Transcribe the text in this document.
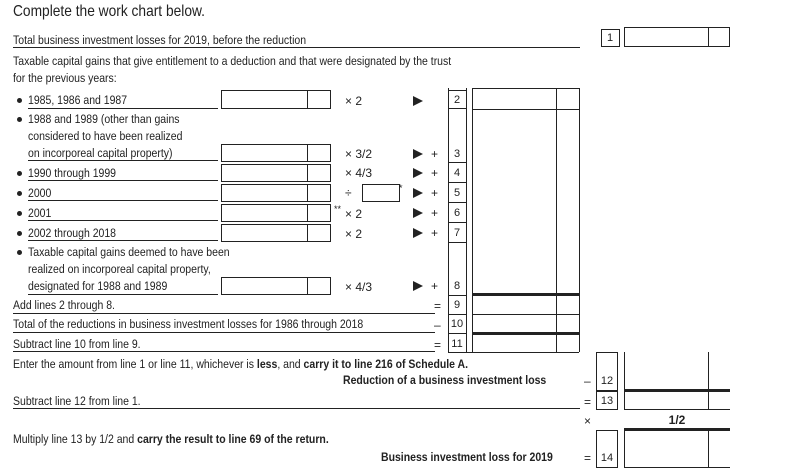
Complete the work chart below.
Total business investment losses for 2019, before the reduction	1
Taxable capital gains that give entitlement to a deduction and that were designated by the trust
for the previous years:
1985, 1986 and 1987	× 2	2
1988 and 1989 (other than gains
considered to have been realized
on incorporeal capital property)	× 3/2	+	3
1990 through 1999	× 4/3	+	4
2000	÷	* +	5
2001	** × 2	+	6
2002 through 2018	× 2	+	7
Taxable capital gains deemed to have been
realized on incorporeal capital property,
designated for 1988 and 1989	× 4/3	+	8
Add lines 2 through 8.	=	9
Total of the reductions in business investment losses for 1986 through 2018	– 10
Subtract line 10 from line 9.	= 11
Enter the amount from line 1 or line 11, whichever is less, and carry it to line 216 of Schedule A.
Reduction of a business investment loss	– 12
Subtract line 12 from line 1.	= 13
×	1/2
Multiply line 13 by 1/2 and carry the result to line 69 of the return.
Business investment loss for 2019	= 14
